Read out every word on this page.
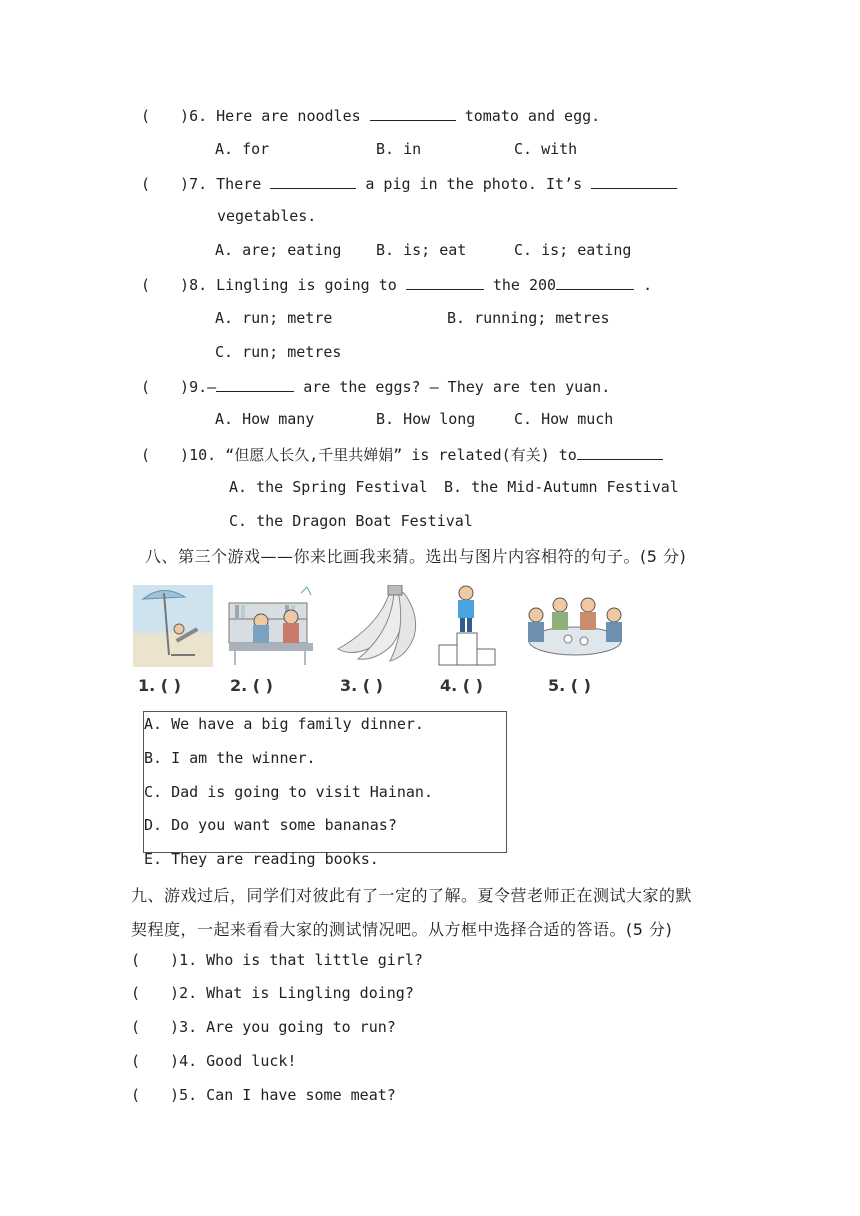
( )6. Here are noodles	tomato and egg.
A. for	B. in	C. with
( )7. There	a pig in the photo. It’s
vegetables.
A. are; eating B. is; eat	C. is; eating
( )8. Lingling is going to	the 200	.
A. run; metre	B. running; metres
C. run; metres
( )9.—	are the eggs? — They are ten yuan.
A. How many	B. How long	C. How much
( )10. “但愿人长久,千里共婵娟” is related(有关) to
A. the Spring Festival B. the Mid-Autumn Festival
C. the Dragon Boat Festival
八、第三个游戏——你来比画我来猜。选出与图片内容相符的句子。(5 分)
1. ( )	2. ( )	3. ( )	4. ( )	5. ( )
A. We have a big family dinner.
B. I am the winner.
C. Dad is going to visit Hainan.
D. Do you want some bananas?
E. They are reading books.
九、游戏过后，同学们对彼此有了一定的了解。夏令营老师正在测试大家的默
契程度，一起来看看大家的测试情况吧。从方框中选择合适的答语。(5 分)
( )1. Who is that little girl?
( )2. What is Lingling doing?
( )3. Are you going to run?
( )4. Good luck!
( )5. Can I have some meat?
